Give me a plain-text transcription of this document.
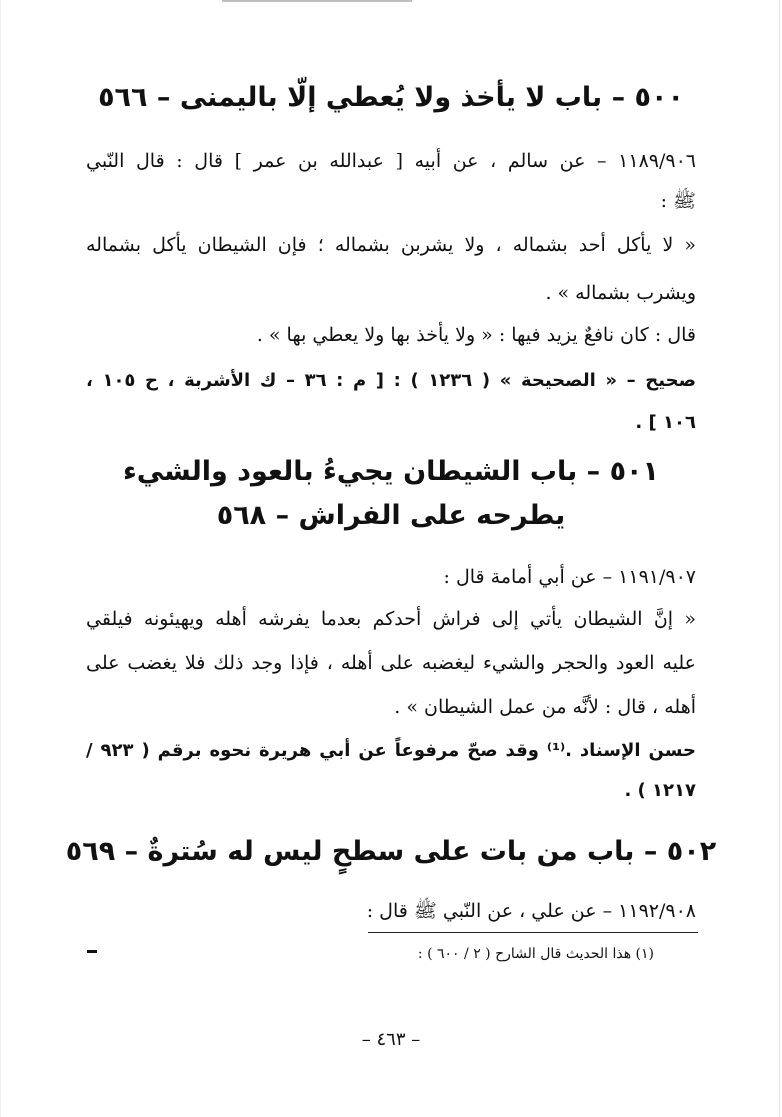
٥٠٠ – باب لا يأخذ ولا يُعطي إلّا باليمنى – ٥٦٦
١١٨٩/٩٠٦ – عن سالم ، عن أبيه [ عبدالله بن عمر ] قال : قال النّبي
ﷺ :
« لا يأكل أحد بشماله ، ولا يشربن بشماله ؛ فإن الشيطان يأكل بشماله
ويشرب بشماله » .
قال : كان نافعٌ يزيد فيها : « ولا يأخذ بها ولا يعطي بها » .
صحيح – « الصحيحة » ( ١٢٣٦ ) : [ م : ٣٦ – ك الأشربة ، ح ١٠٥ ،
١٠٦ ] .
٥٠١ – باب الشيطان يجيءُ بالعود والشيء
يطرحه على الفراش – ٥٦٨
١١٩١/٩٠٧ – عن أبي أمامة قال :
« إنَّ الشيطان يأتي إلى فراش أحدكم بعدما يفرشه أهله ويهيئونه فيلقي
عليه العود والحجر والشيء ليغضبه على أهله ، فإذا وجد ذلك فلا يغضب على
أهله ، قال : لأنَّه من عمل الشيطان » .
حسن الإسناد .⁽¹⁾ وقد صحّ مرفوعاً عن أبي هريرة نحوه برقم ( ٩٢٣ /
١٢١٧ ) .
٥٠٢ – باب من بات على سطحٍ ليس له سُترةٌ – ٥٦٩
١١٩٢/٩٠٨ – عن علي ، عن النّبي ﷺ قال :
(١) هذا الحديث قال الشارح ( ٢ / ٦٠٠ ) :
– ٤٦٣ –
